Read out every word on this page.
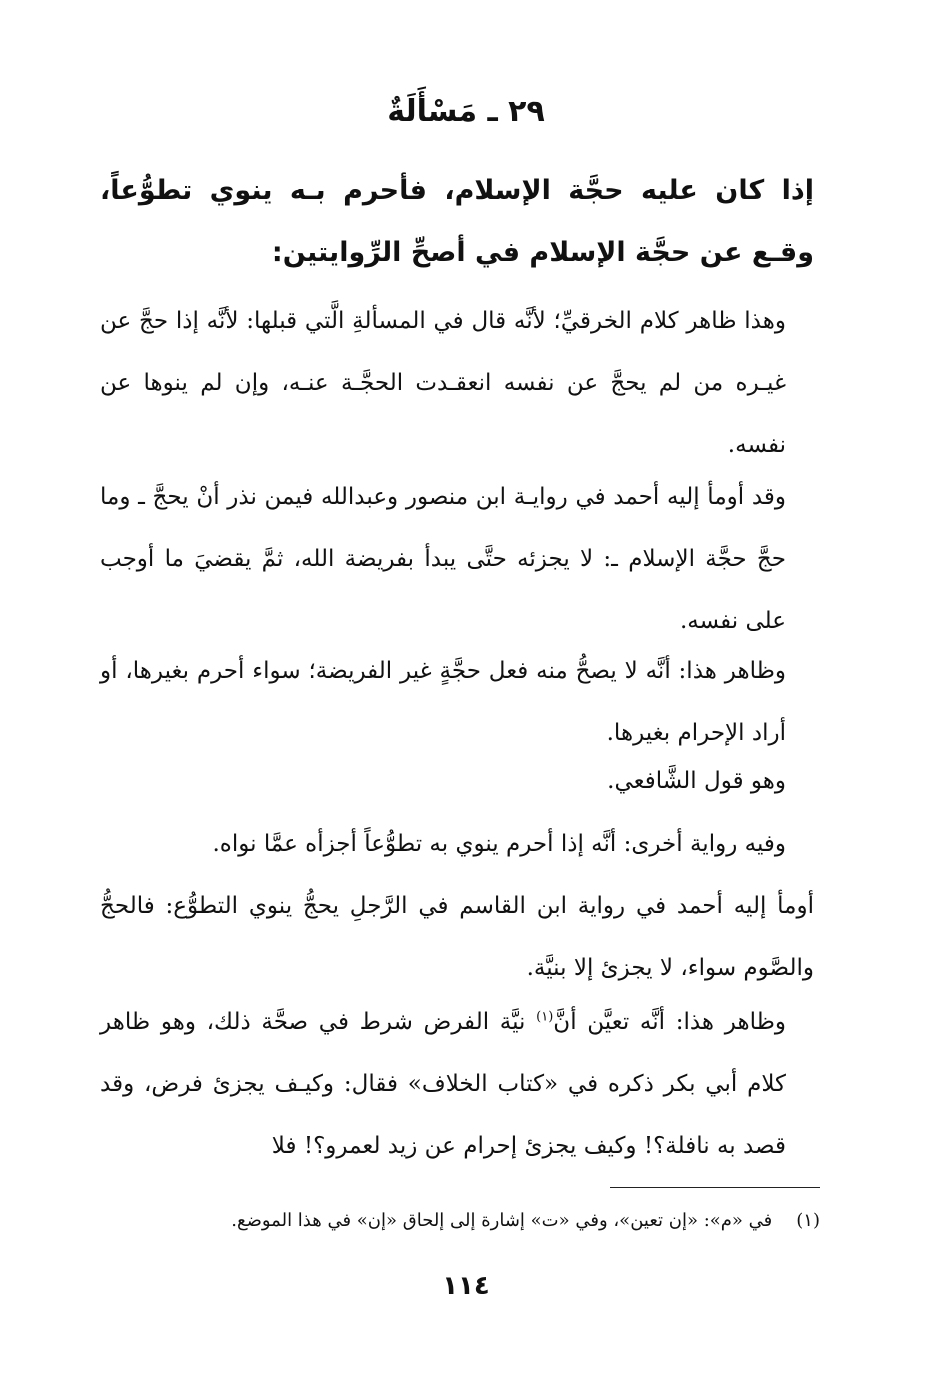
٢٩ ـ مَسْأَلَةٌ
إذا كان عليه حجَّة الإسلام، فأحرم بـه ينوي تطوُّعاً، وقـع عن حجَّة الإسلام في أصحِّ الرِّوايتين:
وهذا ظاهر كلام الخرقيِّ؛ لأنَّه قال في المسألةِ الَّتي قبلها: لأنَّه إذا حجَّ عن غيـره من لم يحجَّ عن نفسه انعقـدت الحجَّـة عنـه، وإن لم ينوها عن نفسه.
وقد أومأ إليه أحمد في روايـة ابن منصور وعبدالله فيمن نذر أنْ يحجَّ ـ وما حجَّ حجَّة الإسلام ـ: لا يجزئه حتَّى يبدأ بفريضة الله، ثمَّ يقضيَ ما أوجب على نفسه.
وظاهر هذا: أنَّه لا يصحُّ منه فعل حجَّةٍ غير الفريضة؛ سواء أحرم بغيرها، أو أراد الإحرام بغيرها.
وهو قول الشَّافعي.
وفيه رواية أخرى: أنَّه إذا أحرم ينوي به تطوُّعاً أجزأه عمَّا نواه.
أومأ إليه أحمد في رواية ابن القاسم في الرَّجلِ يحجُّ ينوي التطوُّع: فالحجُّ والصَّوم سواء، لا يجزئ إلا بنيَّة.
وظاهر هذا: أنَّه تعيَّن أنَّ$^{(١)}$ نيَّة الفرض شرط في صحَّة ذلك، وهو ظاهر كلام أبي بكر ذكره في «كتاب الخلاف» فقال: وكيـف يجزئ فرض، وقد قصد به نافلة؟! وكيف يجزئ إحرام عن زيد لعمرو؟! فلا
(١)في «م»: «إن تعين»، وفي «ت» إشارة إلى إلحاق «إن» في هذا الموضع.
١١٤
